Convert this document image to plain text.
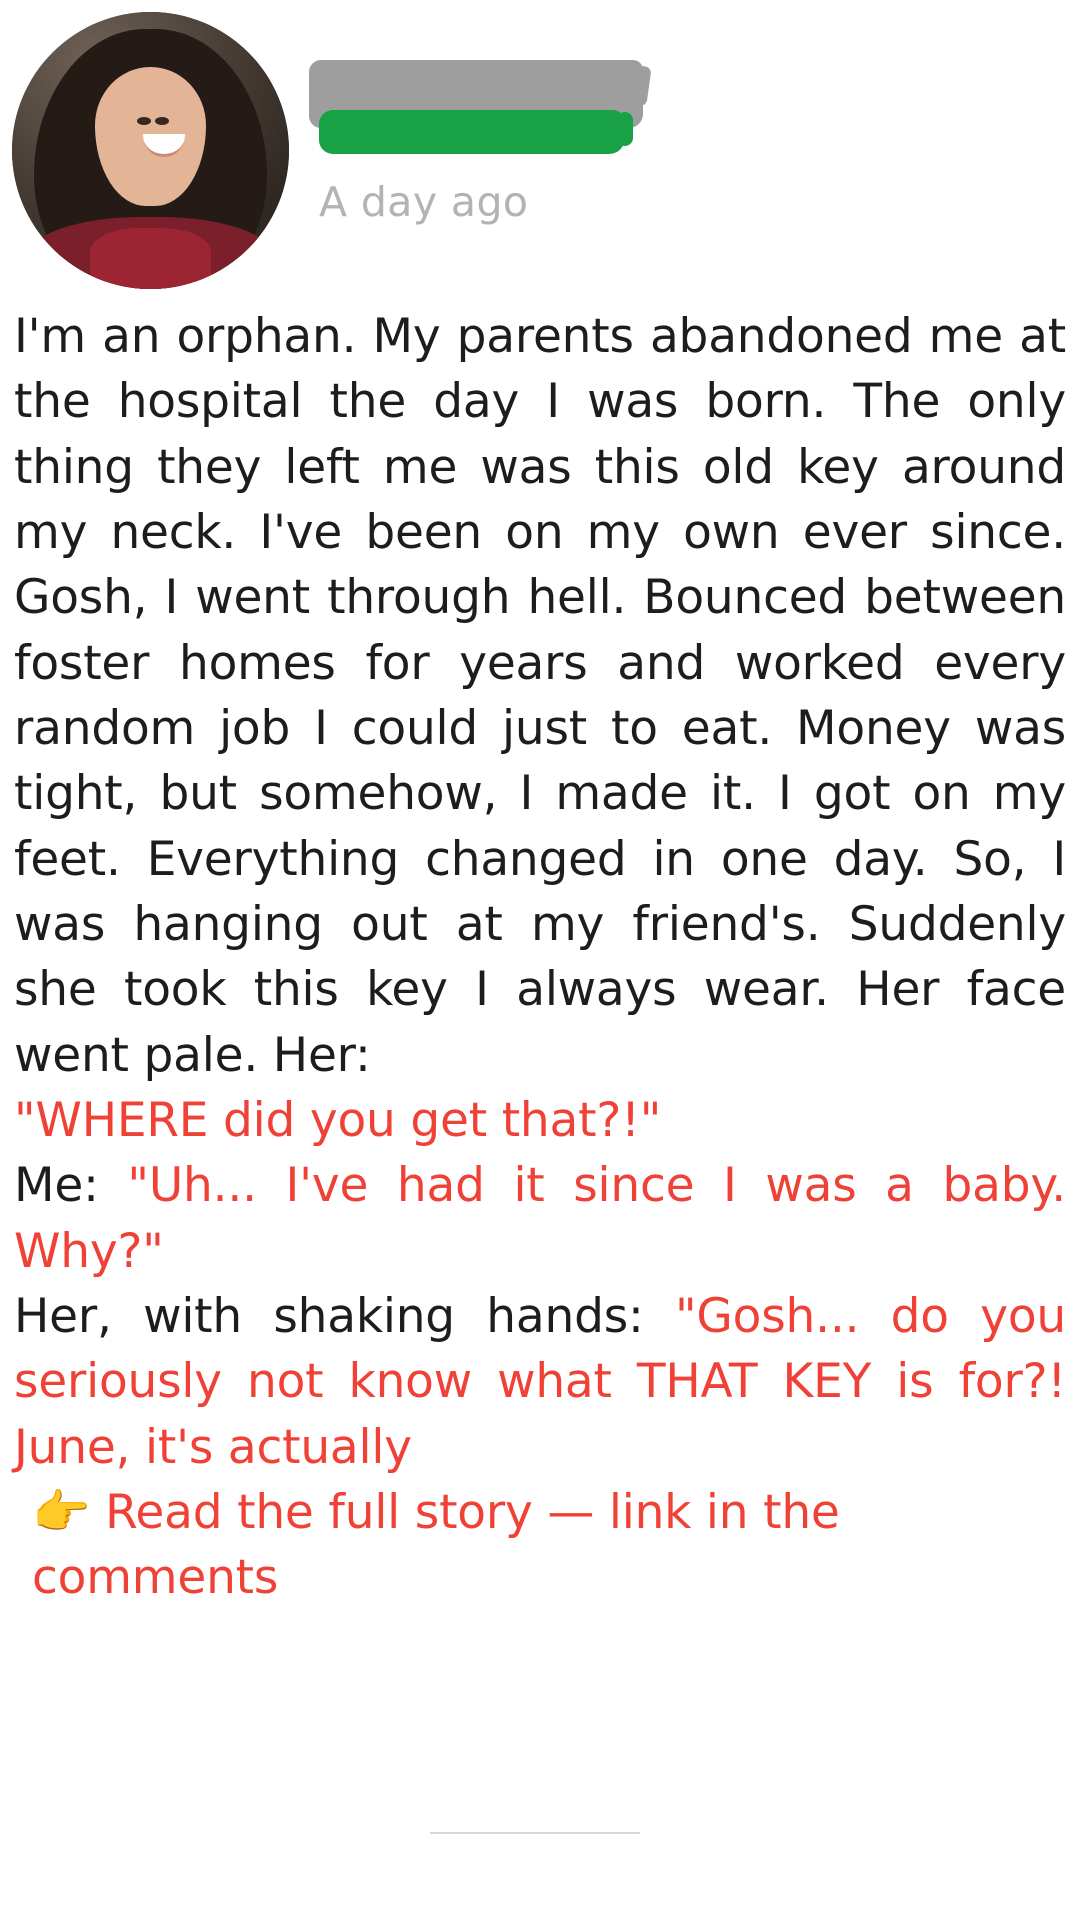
A day ago

I'm an orphan. My parents abandoned me at the hospital the day I was born. The only thing they left me was this old key around my neck. I've been on my own ever since. Gosh, I went through hell. Bounced between foster homes for years and worked every random job I could just to eat. Money was tight, but somehow, I made it. I got on my feet. Everything changed in one day. So, I was hanging out at my friend's. Suddenly she took this key I always wear. Her face went pale. Her:

"WHERE did you get that?!"

Me: "Uh... I've had it since I was a baby. Why?"

Her, with shaking hands: "Gosh... do you seriously not know what THAT KEY is for?! June, it's actually

👉 Read the full story — link in the comments
